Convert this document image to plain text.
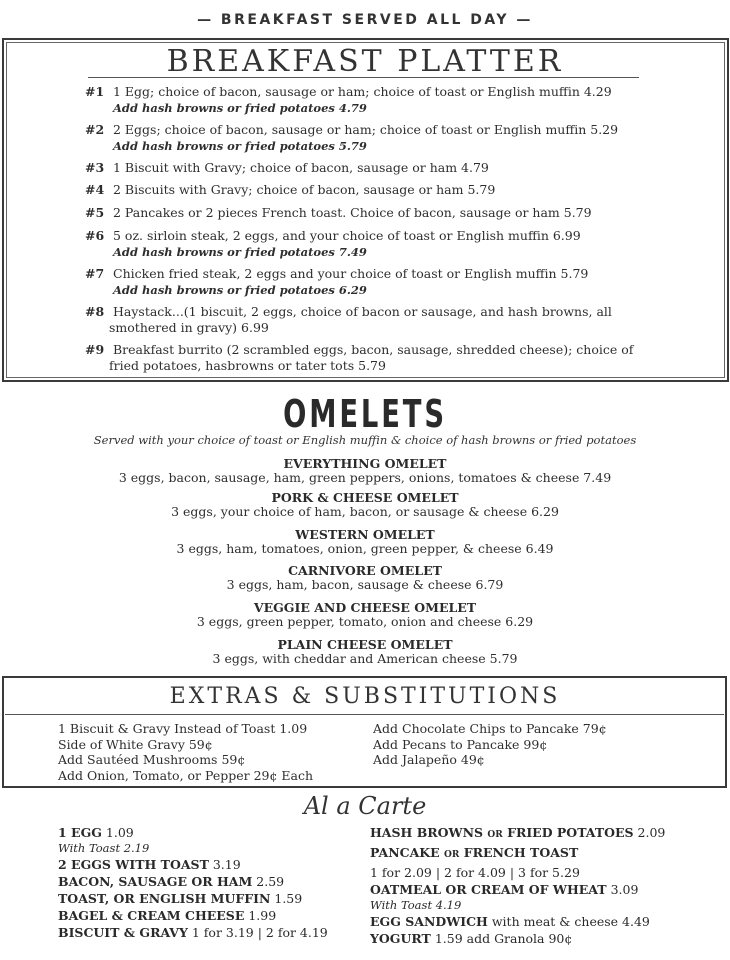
— BREAKFAST SERVED ALL DAY —
BREAKFAST PLATTER
#1 1 Egg; choice of bacon, sausage or ham; choice of toast or English muffin 4.29
Add hash browns or fried potatoes 4.79
#2 2 Eggs; choice of bacon, sausage or ham; choice of toast or English muffin 5.29
Add hash browns or fried potatoes 5.79
#3 1 Biscuit with Gravy; choice of bacon, sausage or ham 4.79
#4 2 Biscuits with Gravy; choice of bacon, sausage or ham 5.79
#5 2 Pancakes or 2 pieces French toast. Choice of bacon, sausage or ham 5.79
#6 5 oz. sirloin steak, 2 eggs, and your choice of toast or English muffin 6.99
Add hash browns or fried potatoes 7.49
#7 Chicken fried steak, 2 eggs and your choice of toast or English muffin 5.79
Add hash browns or fried potatoes 6.29
#8 Haystack...(1 biscuit, 2 eggs, choice of bacon or sausage, and hash browns, all
smothered in gravy) 6.99
#9 Breakfast burrito (2 scrambled eggs, bacon, sausage, shredded cheese); choice of
fried potatoes, hasbrowns or tater tots 5.79
OMELETS
Served with your choice of toast or English muffin & choice of hash browns or fried potatoes
EVERYTHING OMELET
3 eggs, bacon, sausage, ham, green peppers, onions, tomatoes & cheese 7.49
PORK & CHEESE OMELET
3 eggs, your choice of ham, bacon, or sausage & cheese 6.29
WESTERN OMELET
3 eggs, ham, tomatoes, onion, green pepper, & cheese 6.49
CARNIVORE OMELET
3 eggs, ham, bacon, sausage & cheese 6.79
VEGGIE AND CHEESE OMELET
3 eggs, green pepper, tomato, onion and cheese 6.29
PLAIN CHEESE OMELET
3 eggs, with cheddar and American cheese 5.79
EXTRAS & SUBSTITUTIONS
1 Biscuit & Gravy Instead of Toast 1.09
Side of White Gravy 59¢
Add Sautéed Mushrooms 59¢
Add Onion, Tomato, or Pepper 29¢ Each
Add Chocolate Chips to Pancake 79¢
Add Pecans to Pancake 99¢
Add Jalapeño 49¢
Al a Carte
1 EGG 1.09
With Toast 2.19
2 EGGS WITH TOAST 3.19
BACON, SAUSAGE OR HAM 2.59
TOAST, OR ENGLISH MUFFIN 1.59
BAGEL & CREAM CHEESE 1.99
BISCUIT & GRAVY 1 for 3.19 | 2 for 4.19
HASH BROWNS OR FRIED POTATOES 2.09
PANCAKE OR FRENCH TOAST
1 for 2.09 | 2 for 4.09 | 3 for 5.29
OATMEAL OR CREAM OF WHEAT 3.09
With Toast 4.19
EGG SANDWICH with meat & cheese 4.49
YOGURT 1.59 add Granola 90¢
